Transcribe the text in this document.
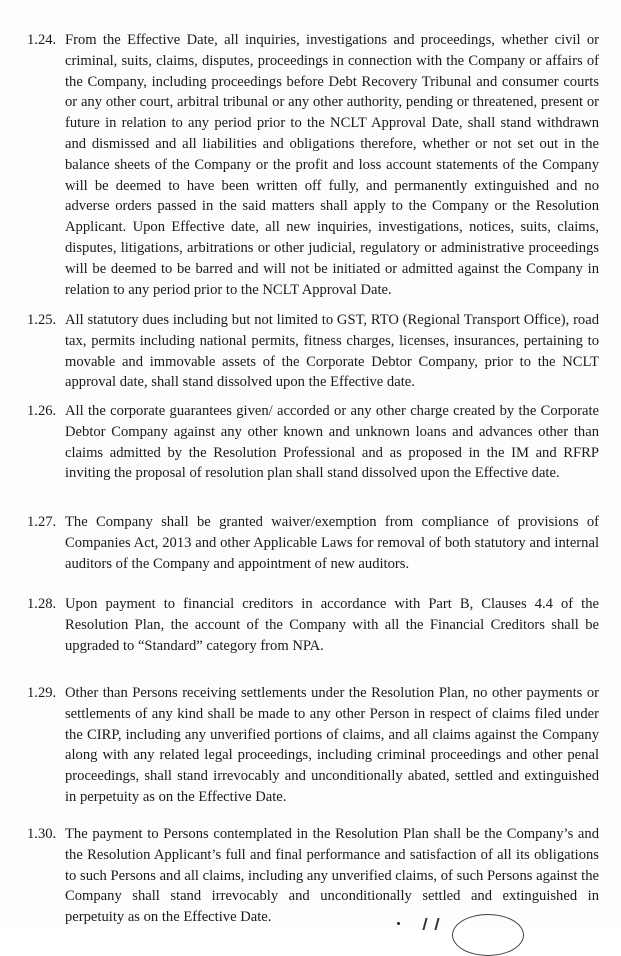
1.24. From the Effective Date, all inquiries, investigations and proceedings, whether civil or criminal, suits, claims, disputes, proceedings in connection with the Company or affairs of the Company, including proceedings before Debt Recovery Tribunal and consumer courts or any other court, arbitral tribunal or any other authority, pending or threatened, present or future in relation to any period prior to the NCLT Approval Date, shall stand withdrawn and dismissed and all liabilities and obligations therefore, whether or not set out in the balance sheets of the Company or the profit and loss account statements of the Company will be deemed to have been written off fully, and permanently extinguished and no adverse orders passed in the said matters shall apply to the Company or the Resolution Applicant. Upon Effective date, all new inquiries, investigations, notices, suits, claims, disputes, litigations, arbitrations or other judicial, regulatory or administrative proceedings will be deemed to be barred and will not be initiated or admitted against the Company in relation to any period prior to the NCLT Approval Date.
1.25. All statutory dues including but not limited to GST, RTO (Regional Transport Office), road tax, permits including national permits, fitness charges, licenses, insurances, pertaining to movable and immovable assets of the Corporate Debtor Company, prior to the NCLT approval date, shall stand dissolved upon the Effective date.
1.26. All the corporate guarantees given/ accorded or any other charge created by the Corporate Debtor Company against any other known and unknown loans and advances other than claims admitted by the Resolution Professional and as proposed in the IM and RFRP inviting the proposal of resolution plan shall stand dissolved upon the Effective date.
1.27. The Company shall be granted waiver/exemption from compliance of provisions of Companies Act, 2013 and other Applicable Laws for removal of both statutory and internal auditors of the Company and appointment of new auditors.
1.28. Upon payment to financial creditors in accordance with Part B, Clauses 4.4 of the Resolution Plan, the account of the Company with all the Financial Creditors shall be upgraded to “Standard” category from NPA.
1.29. Other than Persons receiving settlements under the Resolution Plan, no other payments or settlements of any kind shall be made to any other Person in respect of claims filed under the CIRP, including any unverified portions of claims, and all claims against the Company along with any related legal proceedings, including criminal proceedings and other penal proceedings, shall stand irrevocably and unconditionally abated, settled and extinguished in perpetuity as on the Effective Date.
1.30. The payment to Persons contemplated in the Resolution Plan shall be the Company’s and the Resolution Applicant’s full and final performance and satisfaction of all its obligations to such Persons and all claims, including any unverified claims, of such Persons against the Company shall stand irrevocably and unconditionally settled and extinguished in perpetuity as on the Effective Date.
